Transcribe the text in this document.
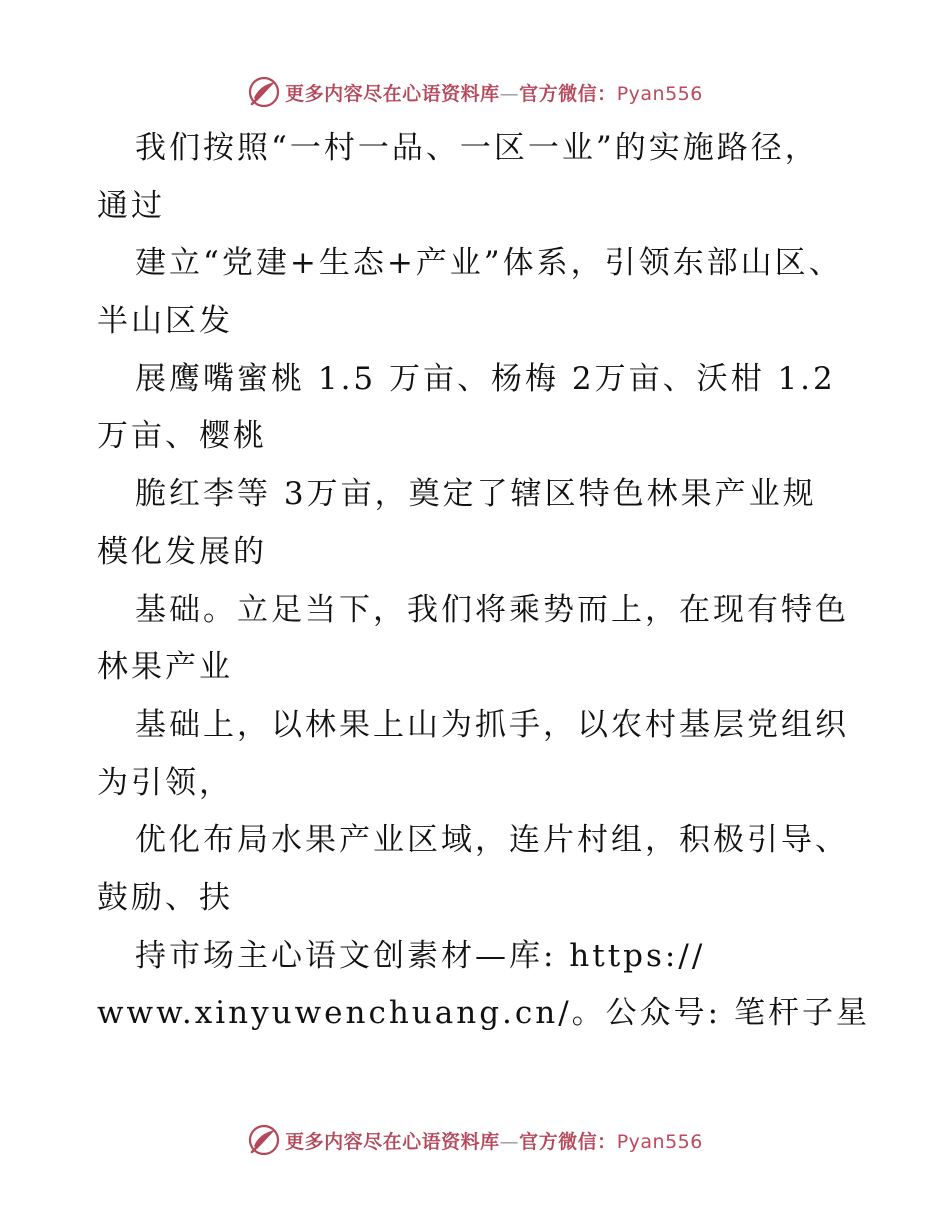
更多内容尽在心语资料库—官方微信：Pyan556
我们按照“一村一品、一区一业”的实施路径，
通过
建立“党建+生态+产业”体系，引领东部山区、
半山区发
展鹰嘴蜜桃 1.5 万亩、杨梅 2万亩、沃柑 1.2
万亩、樱桃
脆红李等 3万亩，奠定了辖区特色林果产业规
模化发展的
基础。立足当下，我们将乘势而上，在现有特色
林果产业
基础上，以林果上山为抓手，以农村基层党组织
为引领，
优化布局水果产业区域，连片村组，积极引导、
鼓励、扶
持市场主心语文创素材—库: https://
www.xinyuwenchuang.cn/。公众号: 笔杆子星
更多内容尽在心语资料库—官方微信：Pyan556
